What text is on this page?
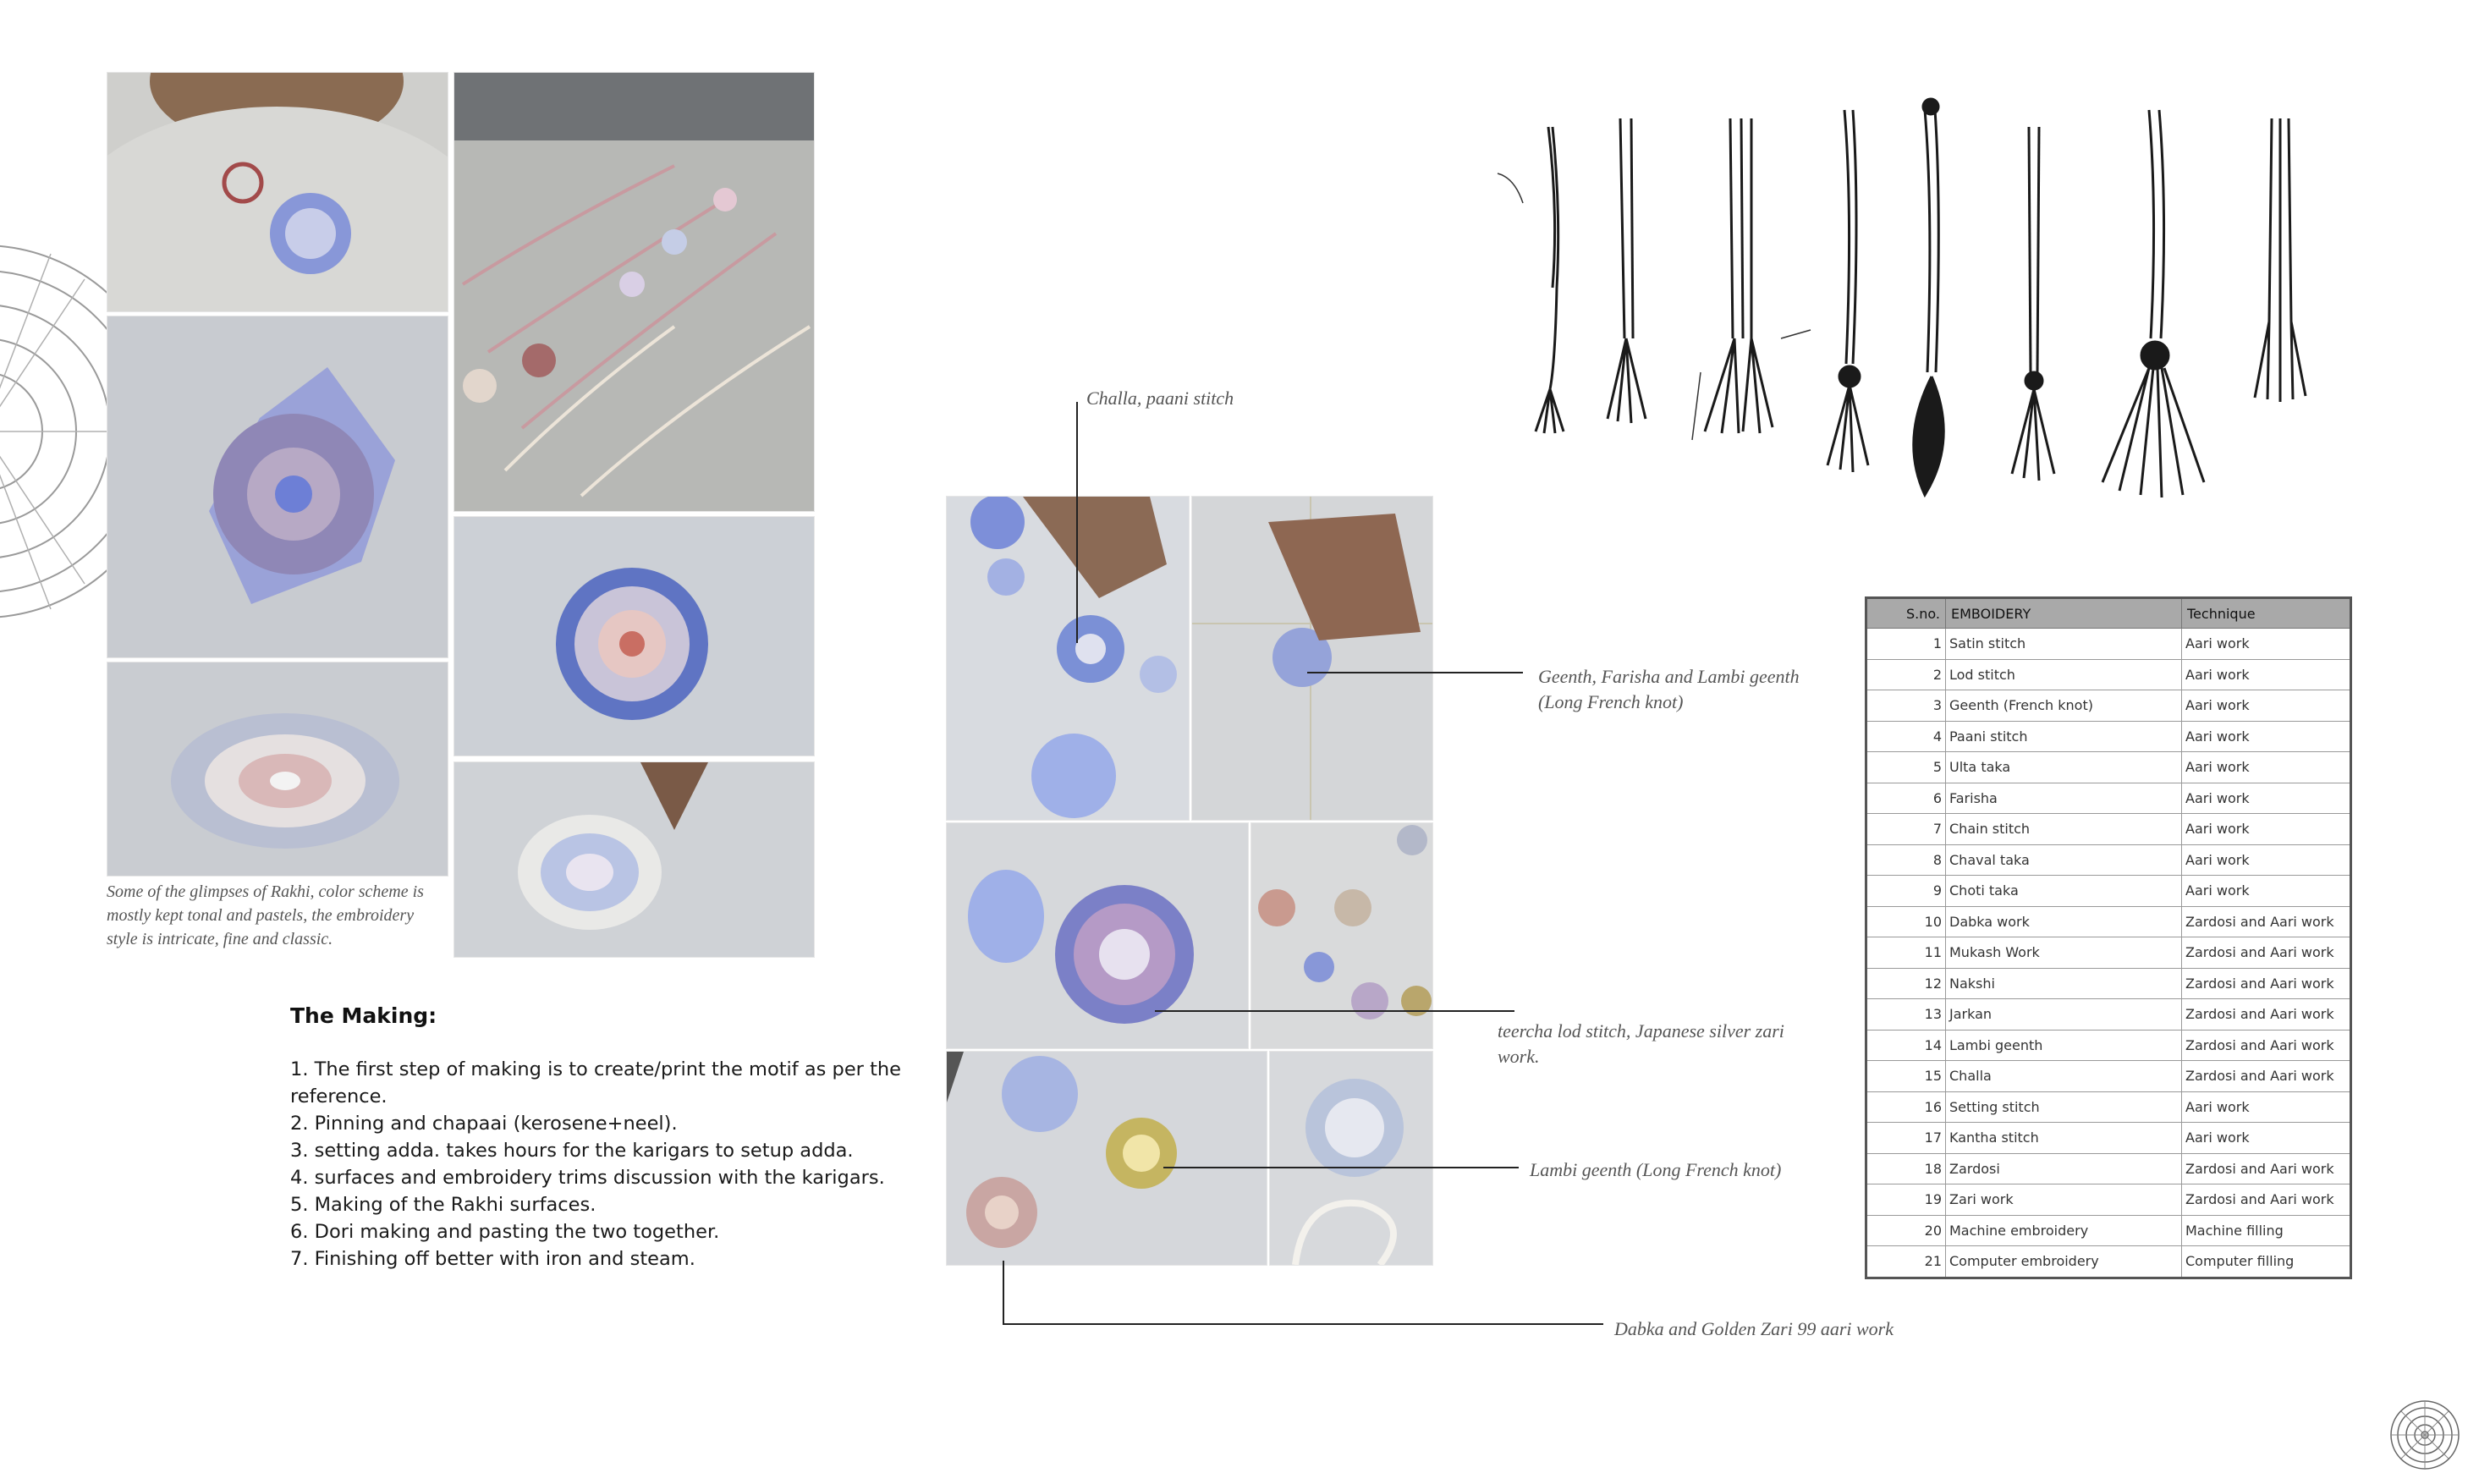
Some of the glimpses of Rakhi, color scheme is mostly kept tonal and pastels, the embroidery style is intricate, fine and classic.
The Making:
1. The first step of making is to create/print the motif as per the reference.
2. Pinning and chapaai (kerosene+neel).
3. setting adda. takes hours for the karigars to setup adda.
4. surfaces and embroidery trims discussion with the karigars.
5. Making of the Rakhi surfaces.
6. Dori making and pasting the two together.
7. Finishing off better with iron and steam.
Challa, paani stitch
Geenth, Farisha and Lambi geenth (Long French knot)
teercha lod stitch, Japanese silver zari work.
Lambi geenth (Long French knot)
Dabka and Golden Zari 99 aari work
S.no.	EMBOIDERY	Technique
1	Satin stitch	Aari work
2	Lod stitch	Aari work
3	Geenth (French knot)	Aari work
4	Paani stitch	Aari work
5	Ulta taka	Aari work
6	Farisha	Aari work
7	Chain stitch	Aari work
8	Chaval taka	Aari work
9	Choti taka	Aari work
10	Dabka work	Zardosi and Aari work
11	Mukash Work	Zardosi and Aari work
12	Nakshi	Zardosi and Aari work
13	Jarkan	Zardosi and Aari work
14	Lambi geenth	Zardosi and Aari work
15	Challa	Zardosi and Aari work
16	Setting stitch	Aari work
17	Kantha stitch	Aari work
18	Zardosi	Zardosi and Aari work
19	Zari work	Zardosi and Aari work
20	Machine embroidery	Machine filling
21	Computer embroidery	Computer filling
